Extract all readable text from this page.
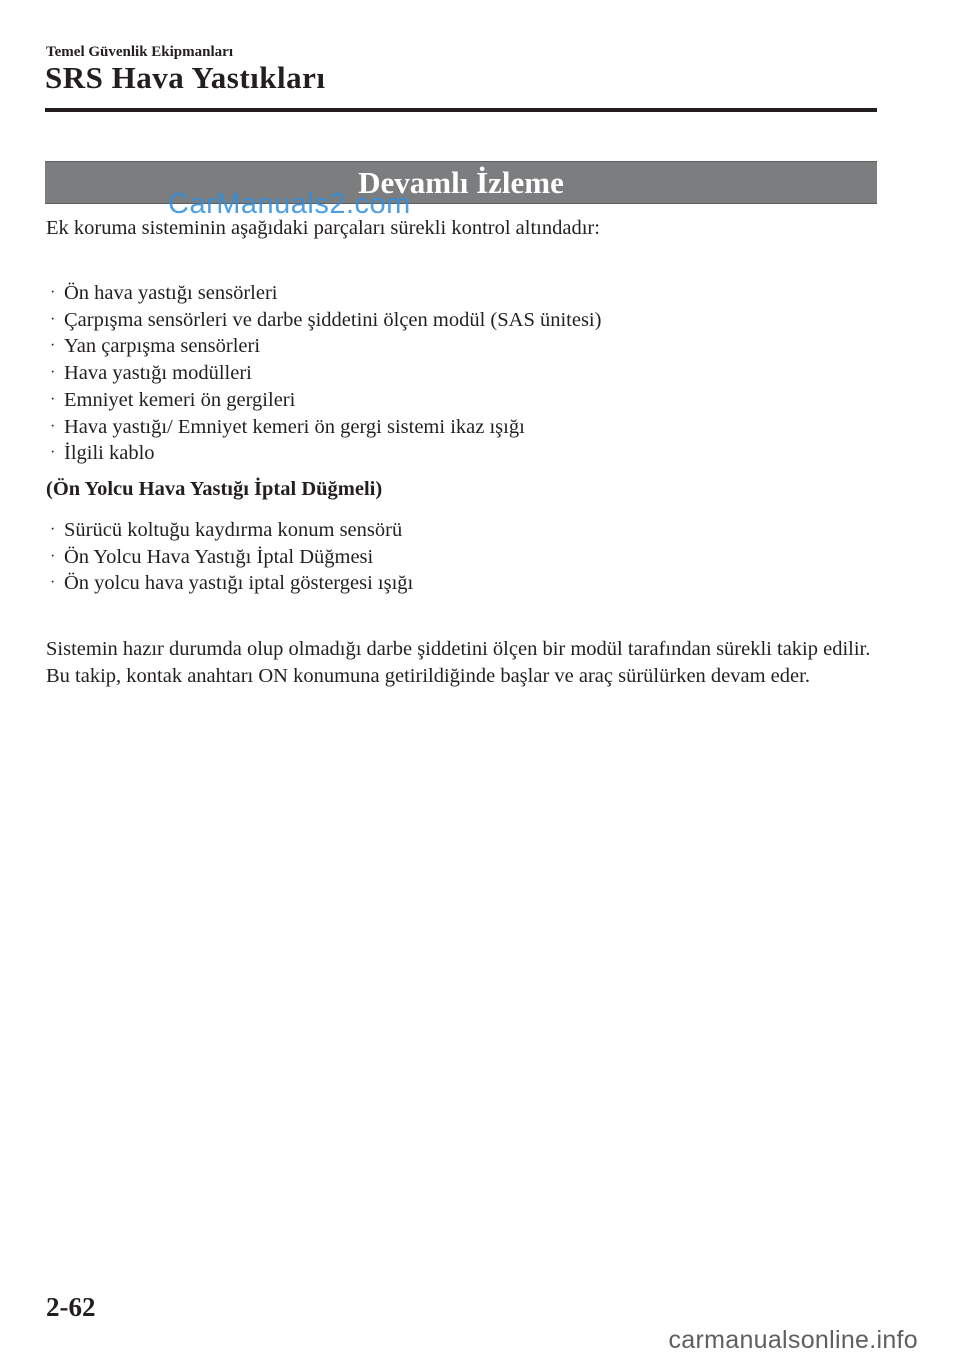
Temel Güvenlik Ekipmanları
SRS Hava Yastıkları
Devamlı İzleme
CarManuals2.com
Ek koruma sisteminin aşağıdaki parçaları sürekli kontrol altındadır:
· Ön hava yastığı sensörleri
· Çarpışma sensörleri ve darbe şiddetini ölçen modül (SAS ünitesi)
· Yan çarpışma sensörleri
· Hava yastığı modülleri
· Emniyet kemeri ön gergileri
· Hava yastığı/ Emniyet kemeri ön gergi sistemi ikaz ışığı
· İlgili kablo
(Ön Yolcu Hava Yastığı İptal Düğmeli)
· Sürücü koltuğu kaydırma konum sensörü
· Ön Yolcu Hava Yastığı İptal Düğmesi
· Ön yolcu hava yastığı iptal göstergesi ışığı
Sistemin hazır durumda olup olmadığı darbe şiddetini ölçen bir modül tarafından sürekli takip edilir. Bu takip, kontak anahtarı ON konumuna getirildiğinde başlar ve araç sürülürken devam eder.
2-62
carmanualsonline.info
